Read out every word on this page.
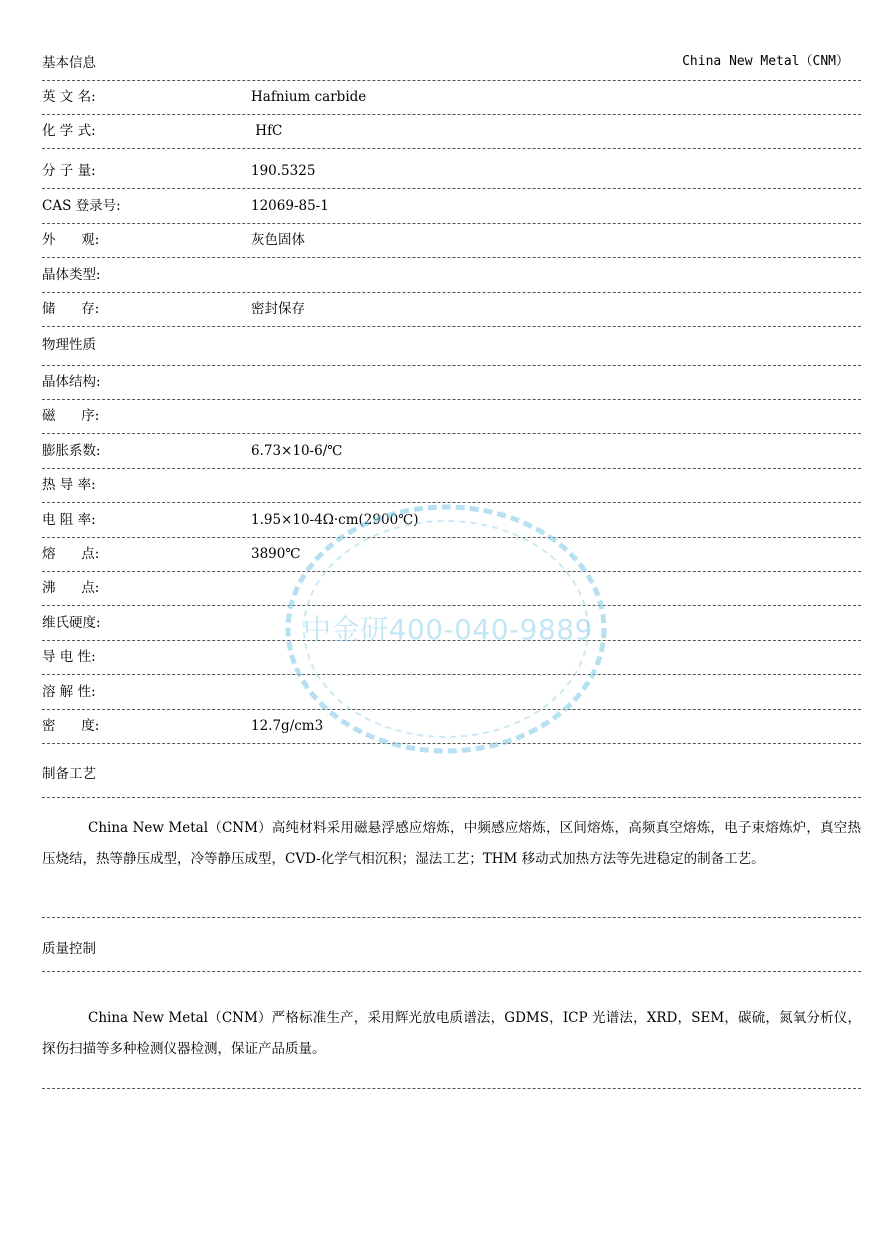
基本信息	China New Metal（CNM）
英 文 名:	Hafnium carbide
化 学 式:	HfC
分 子 量:	190.5325
CAS 登录号:	12069-85-1
外      观:	灰色固体
晶体类型:
储      存:	密封保存
物理性质
晶体结构:
磁      序:
膨胀系数:	6.73×10-6/℃
热 导 率:
电 阻 率:	1.95×10-4Ω·cm(2900℃)
熔      点:	3890℃
沸      点:
维氏硬度:
导 电 性:
溶 解 性:
密      度:	12.7g/cm3
制备工艺
China New Metal（CNM）高纯材料采用磁悬浮感应熔炼，中频感应熔炼，区间熔炼，高频真空熔炼，电子束熔炼炉，真空热压烧结，热等静压成型，冷等静压成型，CVD-化学气相沉积；湿法工艺；THM 移动式加热方法等先进稳定的制备工艺。
质量控制
China New Metal（CNM）严格标准生产，采用辉光放电质谱法，GDMS，ICP 光谱法，XRD，SEM，碳硫，氮氧分析仪，探伤扫描等多种检测仪器检测，保证产品质量。
中金研400-040-9889
